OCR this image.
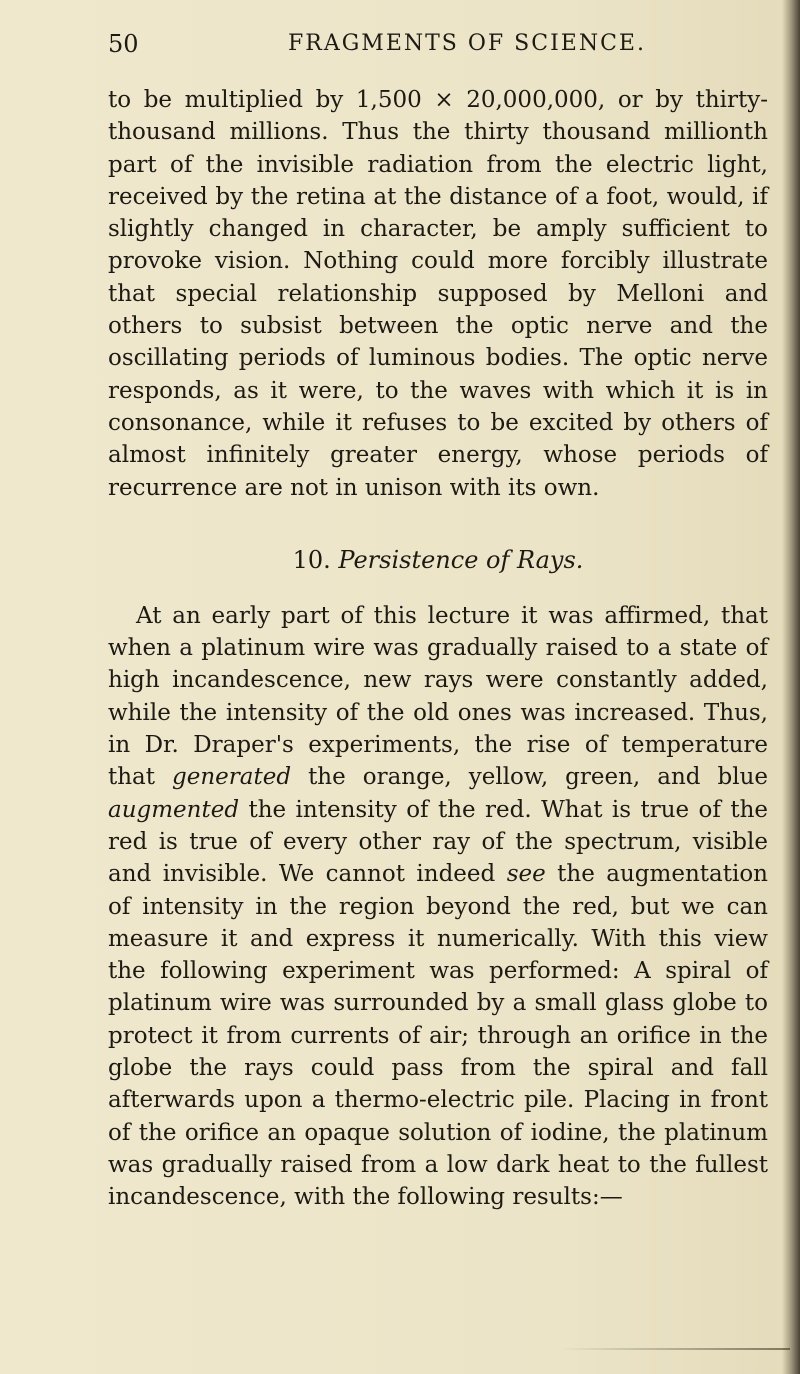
50	FRAGMENTS OF SCIENCE.

to be multiplied by 1,500 × 20,000,000, or by thirty-thousand millions. Thus the thirty thousand millionth part of the invisible radiation from the electric light, received by the retina at the distance of a foot, would, if slightly changed in character, be amply sufficient to provoke vision. Nothing could more forcibly illustrate that special relationship supposed by Melloni and others to subsist between the optic nerve and the oscillating periods of luminous bodies. The optic nerve responds, as it were, to the waves with which it is in consonance, while it refuses to be excited by others of almost infinitely greater energy, whose periods of recurrence are not in unison with its own.

10. Persistence of Rays.

At an early part of this lecture it was affirmed, that when a platinum wire was gradually raised to a state of high incandescence, new rays were constantly added, while the intensity of the old ones was increased. Thus, in Dr. Draper's experiments, the rise of temperature that generated the orange, yellow, green, and blue augmented the intensity of the red. What is true of the red is true of every other ray of the spectrum, visible and invisible. We cannot indeed see the augmentation of intensity in the region beyond the red, but we can measure it and express it numerically. With this view the following experiment was performed: A spiral of platinum wire was surrounded by a small glass globe to protect it from currents of air; through an orifice in the globe the rays could pass from the spiral and fall afterwards upon a thermo-electric pile. Placing in front of the orifice an opaque solution of iodine, the platinum was gradually raised from a low dark heat to the fullest incandescence, with the following results:—
